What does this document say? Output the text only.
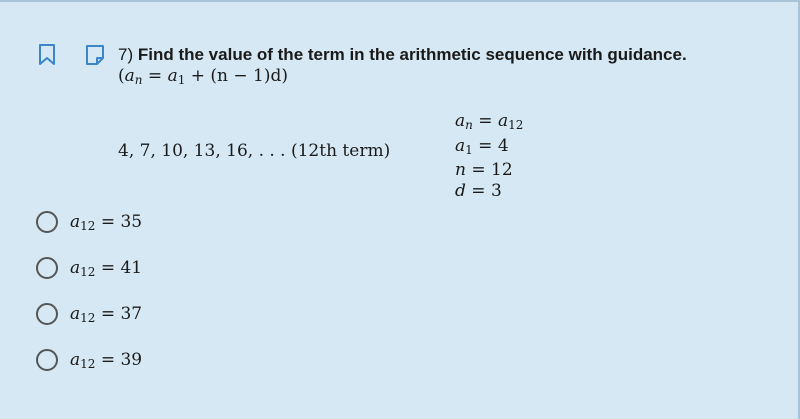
7) Find the value of the term in the arithmetic sequence with guidance.
$(a_n = a_1 + (n - 1)d)$
4, 7, 10, 13, 16, . . . (12th term)
$a_n = a_{12}$
$a_1 = 4$
n = 12
d = 3
$a_{12} = 35$
$a_{12} = 41$
$a_{12} = 37$
$a_{12} = 39$
